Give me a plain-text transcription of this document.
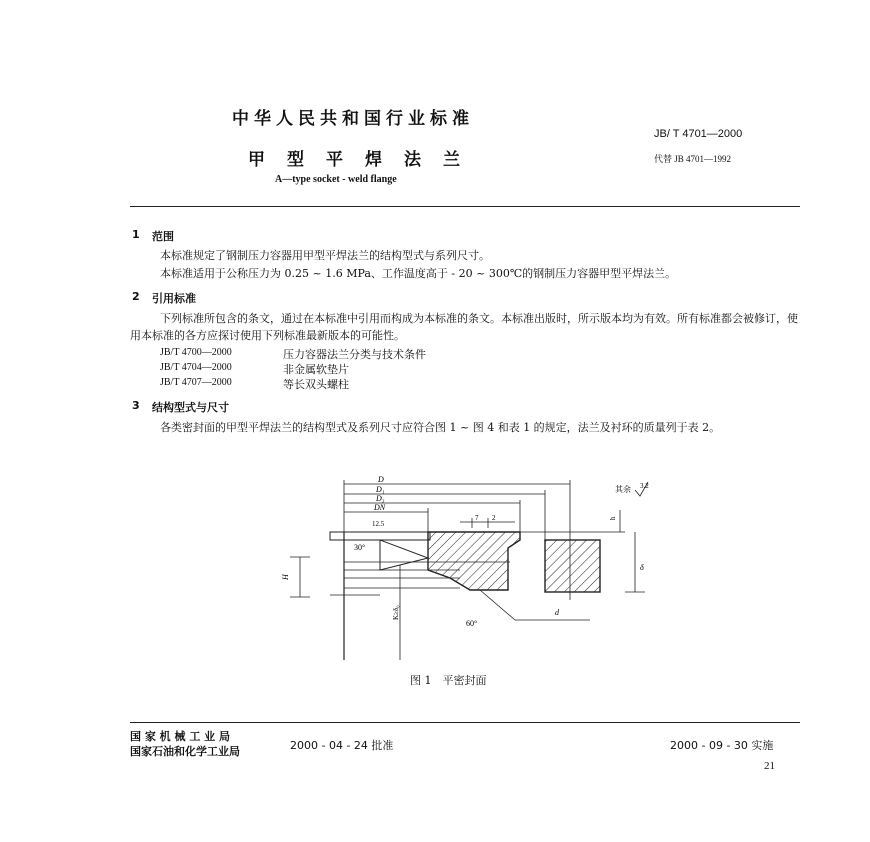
中华人民共和国行业标准
甲型平焊法兰
A—type socket - weld flange
JB/ T 4701—2000
代替 JB 4701—1992
1 范围
本标准规定了钢制压力容器用甲型平焊法兰的结构型式与系列尺寸。
本标准适用于公称压力为 0.25 ~ 1.6 MPa、工作温度高于 - 20 ~ 300℃的钢制压力容器甲型平焊法兰。
2 引用标准
下列标准所包含的条文，通过在本标准中引用而构成为本标准的条文。本标准出版时，所示版本均为有效。所有标准都会被修订，使用本标准的各方应探讨使用下列标准最新版本的可能性。
JB/T 4700—2000	压力容器法兰分类与技术条件
JB/T 4704—2000	非金属软垫片
JB/T 4707—2000	等长双头螺柱
3 结构型式与尺寸
各类密封面的甲型平焊法兰的结构型式及系列尺寸应符合图 1 ~ 图 4 和表 1 的规定，法兰及衬环的质量列于表 2。
D
D₁
D₃
DN
12.5
30°
60°
H
K≥δ₀
δ
d
7 2	h
其余 3.2
图 1　平密封面
国 家 机 械 工 业 局
国家石油和化学工业局	2000 - 04 - 24 批准	2000 - 09 - 30 实施
21
